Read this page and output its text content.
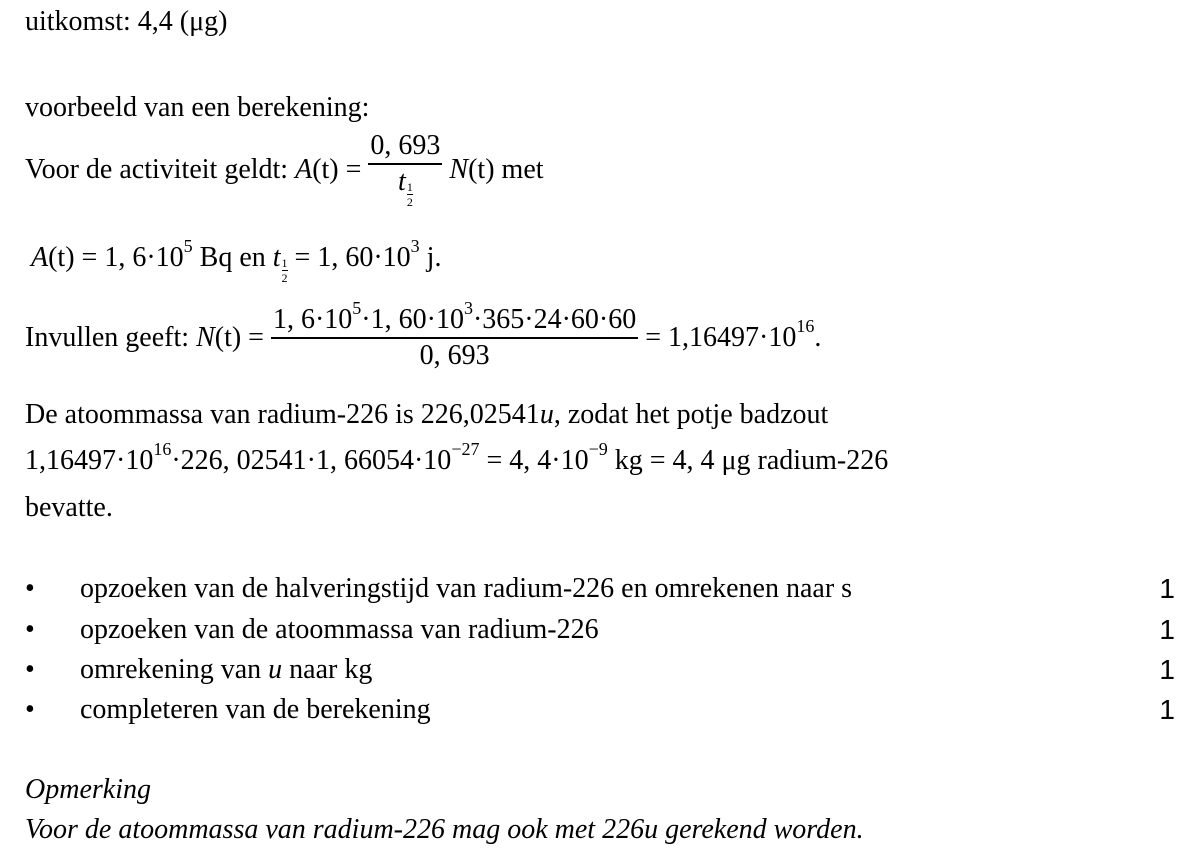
uitkomst: 4,4 (μg)
voorbeeld van een berekening:
Voor de activiteit geldt: $A(t) = \frac{0, 693}{t\frac{1}{2}} N(t)$ met
A(t) = 1, $6\cdot 10^5$ Bq en $t\frac{1}{2} = 1$, $60\cdot 10^3$ j.
Invullen geeft: $N(t) = \frac{1, 6\cdot 10^5\cdot 1, 60\cdot 10^3\cdot 365\cdot 24\cdot 60\cdot 60}{0, 693} = 1,16497\cdot 10^{16}$.
De atoommassa van radium-226 is 226,02541u, zodat het potje badzout
$1,16497\cdot 10^{16}\cdot 226$, 02541·1, $66054\cdot 10^{-27} = 4$, $4\cdot 10^{-9}$ kg = 4, 4 μg radium-226
bevatte.
• opzoeken van de halveringstijd van radium-226 en omrekenen naar s	1
• opzoeken van de atoommassa van radium-226	1
• omrekening van u naar kg	1
• completeren van de berekening	1
Opmerking
Voor de atoommassa van radium-226 mag ook met 226u gerekend worden.
